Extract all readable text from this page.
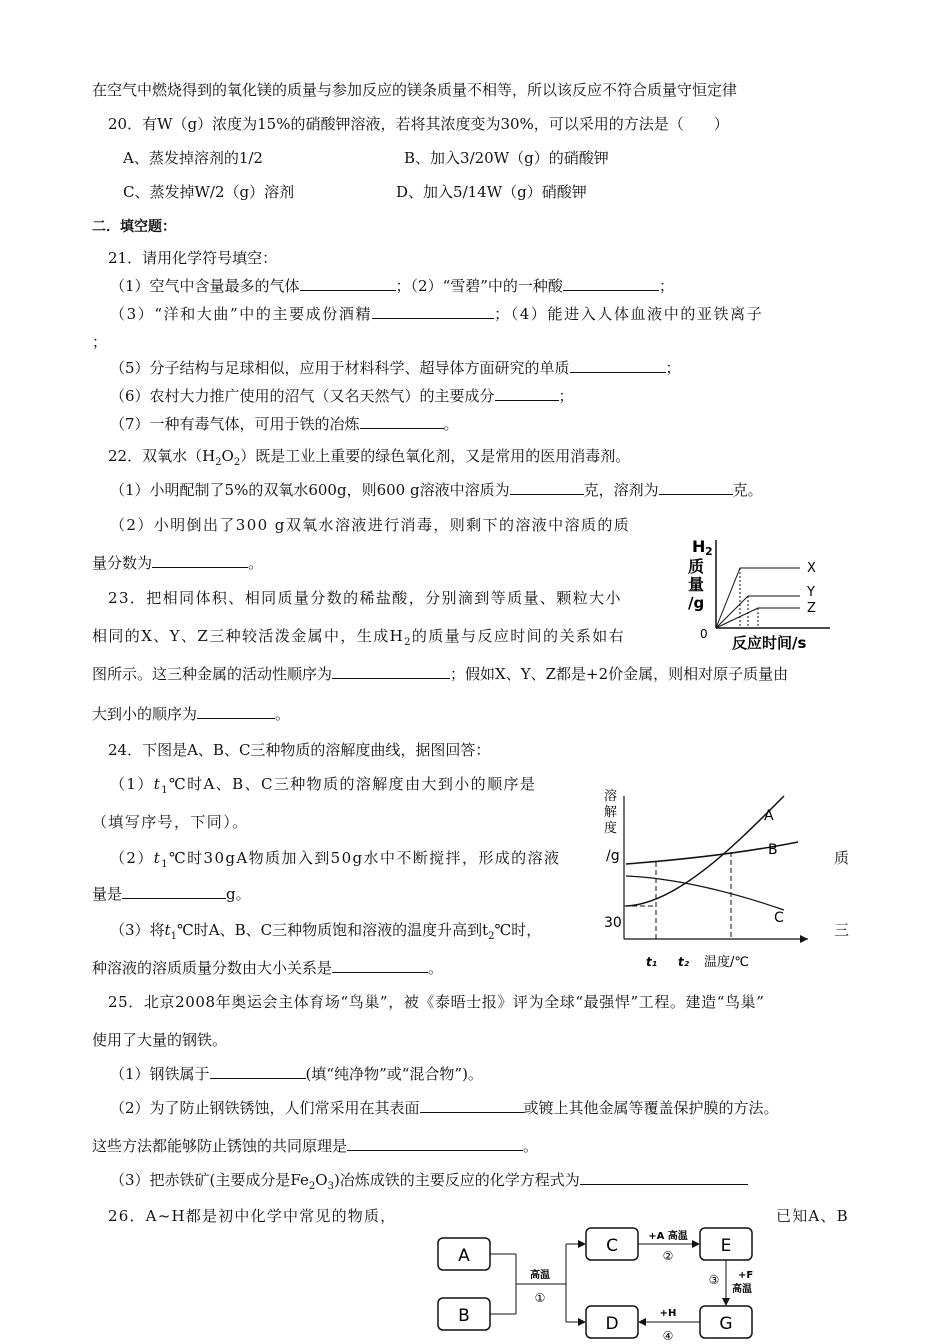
在空气中燃烧得到的氧化镁的质量与参加反应的镁条质量不相等，所以该反应不符合质量守恒定律
20．有W（g）浓度为15%的硝酸钾溶液，若将其浓度变为30%，可以采用的方法是（　　）
A、蒸发掉溶剂的1/2	B、加入3/20W（g）的硝酸钾
C、蒸发掉W/2（g）溶剂	D、加入5/14W（g）硝酸钾
二．填空题：
21．请用化学符号填空：
（1）空气中含量最多的气体	；（2）“雪碧”中的一种酸	；
（3）“洋和大曲”中的主要成份酒精	；（4）能进入人体血液中的亚铁离子
；
（5）分子结构与足球相似，应用于材料科学、超导体方面研究的单质	；
（6）农村大力推广使用的沼气（又名天然气）的主要成分	；
（7）一种有毒气体，可用于铁的冶炼	。
22．双氧水$(H_2O_2)$既是工业上重要的绿色氧化剂，又是常用的医用消毒剂。
（1）小明配制了5%的双氧水600g，则600 g溶液中溶质为	克，溶剂为	克。
（2）小明倒出了300 g双氧水溶液进行消毒，则剩下的溶液中溶质的质
量分数为	。
23．把相同体积、相同质量分数的稀盐酸，分别滴到等质量、颗粒大小
相同的X、Y、Z三种较活泼金属中，生成$H_2$的质量与反应时间的关系如右
图所示。这三种金属的活动性顺序为	；假如X、Y、Z都是+2价金属，则相对原子质量由
大到小的顺序为	。
H 2
质
量
/g
0 反应时间/s
X
Y
Z
24．下图是A、B、C三种物质的溶解度曲线，据图回答：
$(1)t_1℃$时A、B、C三种物质的溶解度由大到小的顺序是
（填写序号，下同）。
$(2)t_1℃$时30gA物质加入到50g水中不断搅拌，形成的溶液	质
量是	g。
（3）将$t_1℃$时A、B、C三种物质饱和溶液的温度升高到$t_2℃$时，	三
种溶液的溶质质量分数由大小关系是	。
溶
解
度
/g
30
A
B
C
t₁ t₂ 温度/℃
25．北京2008年奥运会主体育场“鸟巢”，被《泰晤士报》评为全球“最强悍”工程。建造“鸟巢”
使用了大量的钢铁。
（1）钢铁属于	(填“纯净物”或“混合物”)。
（2）为了防止钢铁锈蚀，人们常采用在其表面	或镀上其他金属等覆盖保护膜的方法。
这些方法都能够防止锈蚀的共同原理是	。
（3）把赤铁矿(主要成分是$Fe_2O_3$)冶炼成铁的主要反应的化学方程式为
26．A~H都是初中化学中常见的物质，	已知A、B
A
B
C
D
E
G
高温
①
+A 高温
②
③ +F
高温
+H
④
